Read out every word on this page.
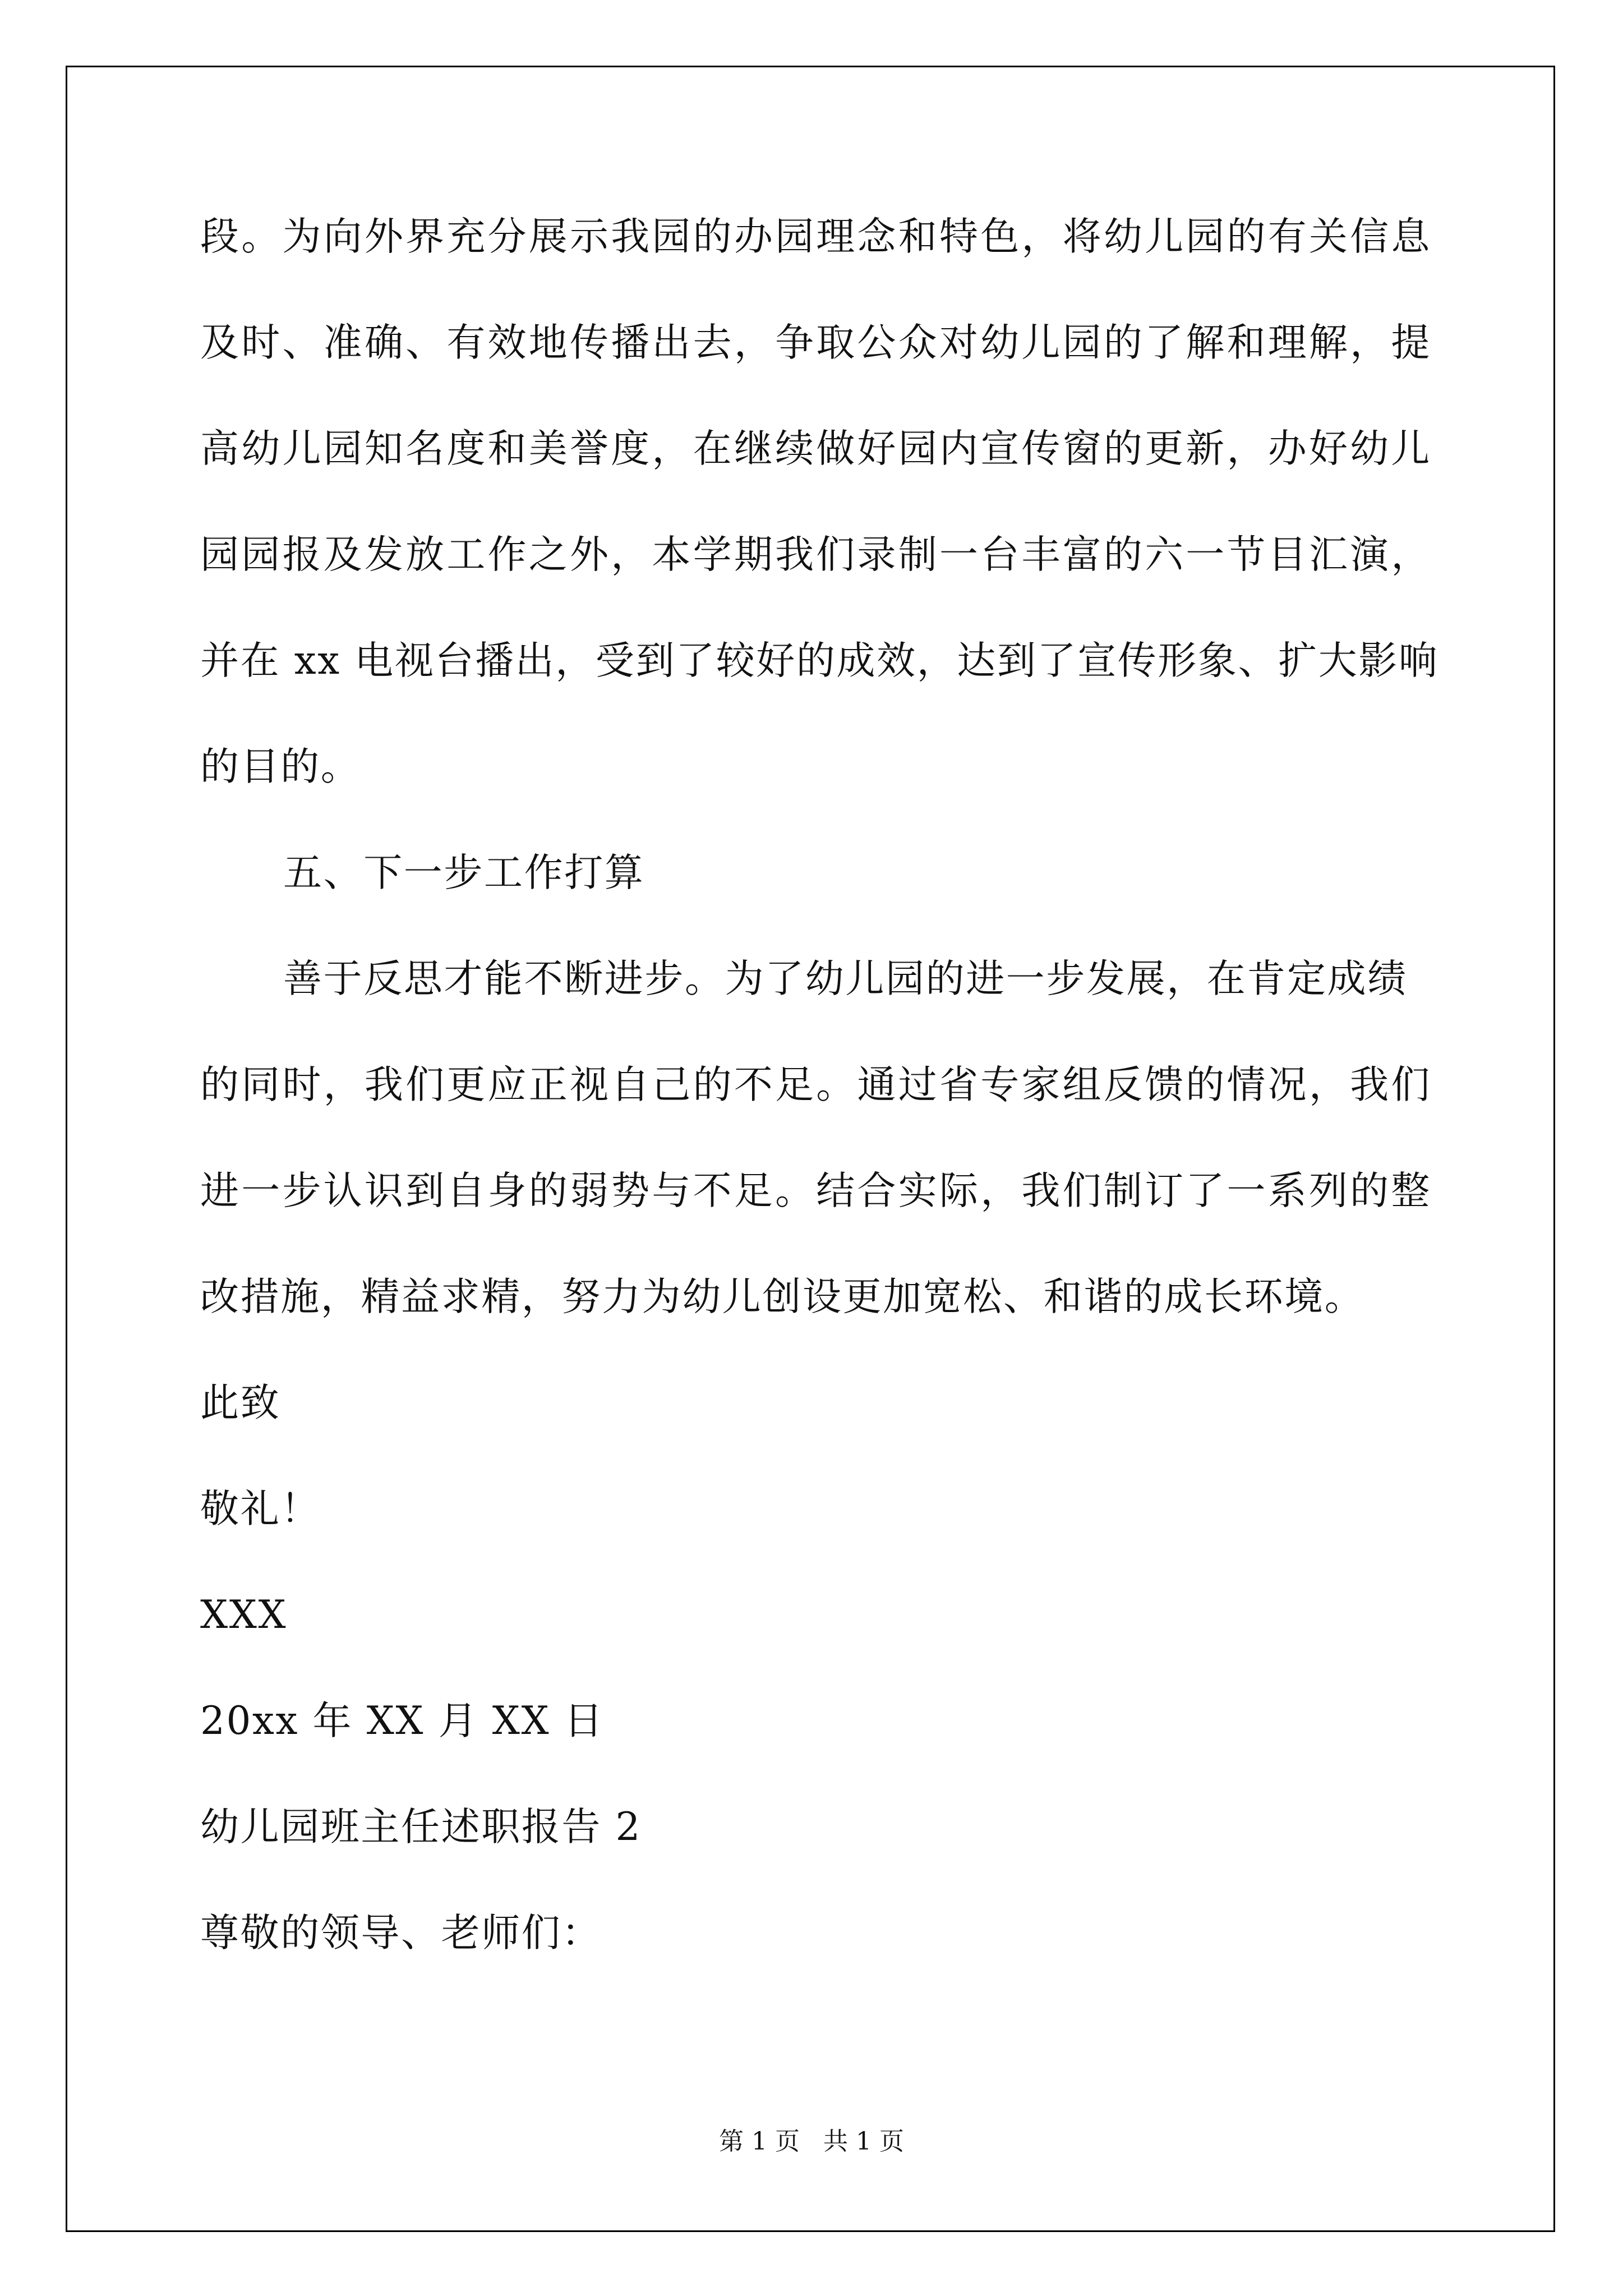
段。为向外界充分展示我园的办园理念和特色，将幼儿园的有关信息
及时、准确、有效地传播出去，争取公众对幼儿园的了解和理解，提
高幼儿园知名度和美誉度，在继续做好园内宣传窗的更新，办好幼儿
园园报及发放工作之外，本学期我们录制一台丰富的六一节目汇演，
并在 xx 电视台播出，受到了较好的成效，达到了宣传形象、扩大影响
的目的。
五、下一步工作打算
善于反思才能不断进步。为了幼儿园的进一步发展，在肯定成绩
的同时，我们更应正视自己的不足。通过省专家组反馈的情况，我们
进一步认识到自身的弱势与不足。结合实际，我们制订了一系列的整
改措施，精益求精，努力为幼儿创设更加宽松、和谐的成长环境。
此致
敬礼！
XXX
20xx 年 XX 月 XX 日
幼儿园班主任述职报告 2
尊敬的领导、老师们：
第 1 页   共 1 页
